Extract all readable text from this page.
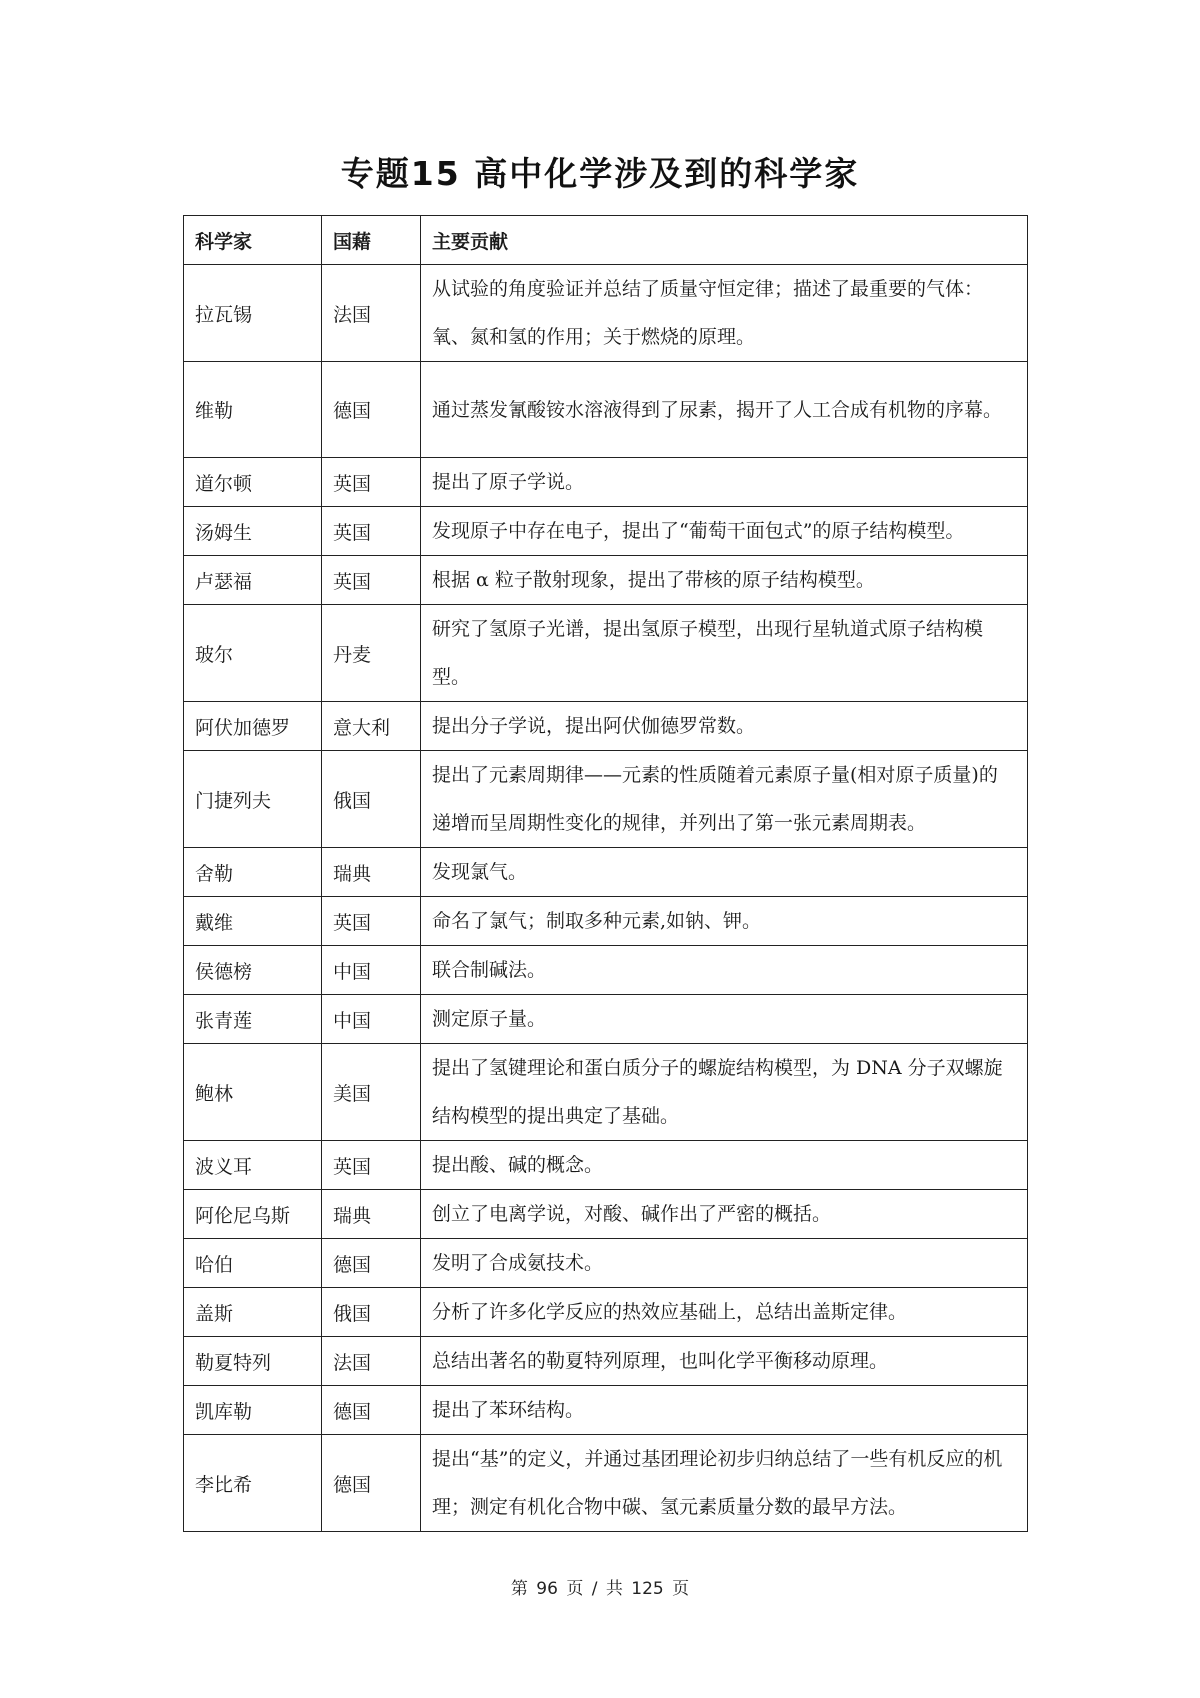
专题15 高中化学涉及到的科学家
科学家	国藉	主要贡献
拉瓦锡	法国	从试验的角度验证并总结了质量守恒定律；描述了最重要的气体：氧、氮和氢的作用；关于燃烧的原理。
维勒	德国	通过蒸发氰酸铵水溶液得到了尿素，揭开了人工合成有机物的序幕。
道尔顿	英国	提出了原子学说。
汤姆生	英国	发现原子中存在电子，提出了“葡萄干面包式”的原子结构模型。
卢瑟福	英国	根据 α 粒子散射现象，提出了带核的原子结构模型。
玻尔	丹麦	研究了氢原子光谱，提出氢原子模型，出现行星轨道式原子结构模型。
阿伏加德罗	意大利	提出分子学说，提出阿伏伽德罗常数。
门捷列夫	俄国	提出了元素周期律——元素的性质随着元素原子量(相对原子质量)的递增而呈周期性变化的规律，并列出了第一张元素周期表。
舍勒	瑞典	发现氯气。
戴维	英国	命名了氯气；制取多种元素,如钠、钾。
侯德榜	中国	联合制碱法。
张青莲	中国	测定原子量。
鲍林	美国	提出了氢键理论和蛋白质分子的螺旋结构模型，为 DNA 分子双螺旋结构模型的提出典定了基础。
波义耳	英国	提出酸、碱的概念。
阿伦尼乌斯	瑞典	创立了电离学说，对酸、碱作出了严密的概括。
哈伯	德国	发明了合成氨技术。
盖斯	俄国	分析了许多化学反应的热效应基础上，总结出盖斯定律。
勒夏特列	法国	总结出著名的勒夏特列原理，也叫化学平衡移动原理。
凯库勒	德国	提出了苯环结构。
李比希	德国	提出“基”的定义，并通过基团理论初步归纳总结了一些有机反应的机理；测定有机化合物中碳、氢元素质量分数的最早方法。
第 96 页 / 共 125 页
